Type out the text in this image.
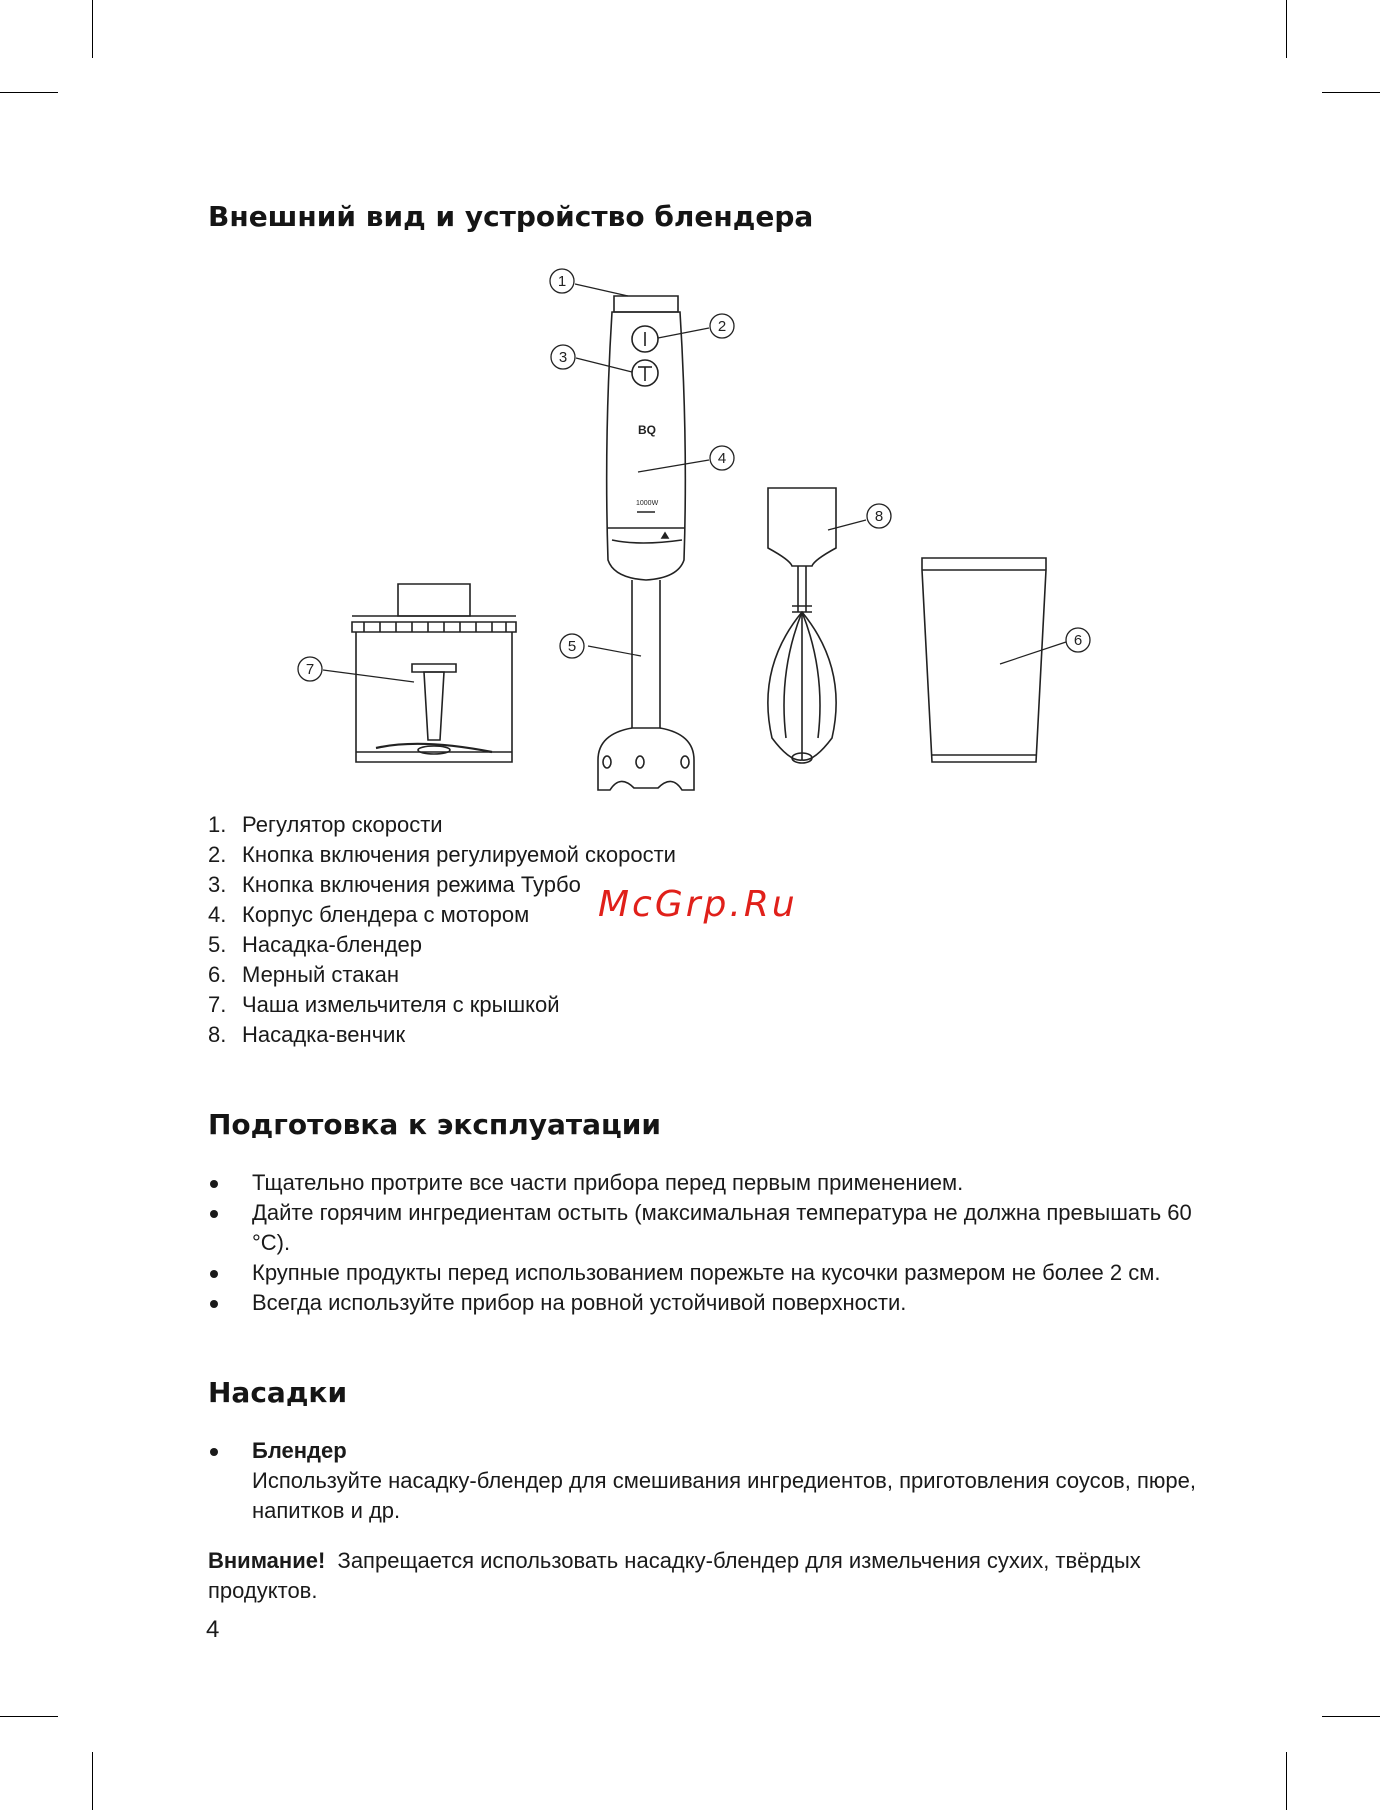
Внешний вид и устройство блендера
BQ
1000W
1
2
3
4
5	6
7
8
1. Регулятор скорости
2. Кнопка включения регулируемой скорости
3. Кнопка включения режима Турбо
4. Корпус блендера с мотором
5. Насадка-блендер
6. Мерный стакан
7. Чаша измельчителя с крышкой
8. Насадка-венчик
McGrp.Ru
Подготовка к эксплуатации
Тщательно протрите все части прибора перед первым применением.
Дайте горячим ингредиентам остыть (максимальная температура не должна превышать 60 °С).
Крупные продукты перед использованием порежьте на кусочки размером не более 2 см.
Всегда используйте прибор на ровной устойчивой поверхности.
Насадки
Блендер
Используйте насадку-блендер для смешивания ингредиентов, приготовления соусов, пюре, напитков и др.

Внимание! Запрещается использовать насадку-блендер для измельчения сухих, твёрдых продуктов.

4
